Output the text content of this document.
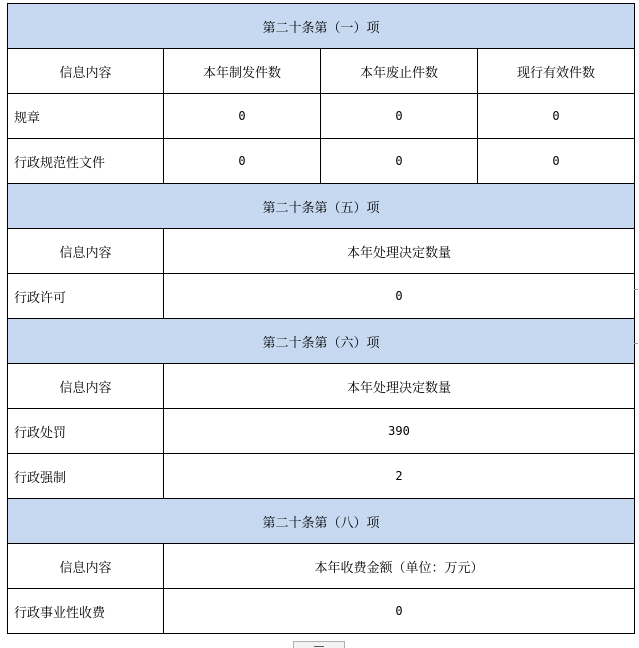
第二十条第（一）项			
信息内容	本年制发件数	本年废止件数	现行有效件数
规章	0	0	0
行政规范性文件	0	0	0
第二十条第（五）项			
信息内容	本年处理决定数量		
行政许可	0		
第二十条第（六）项			
信息内容	本年处理决定数量		
行政处罚	390		
行政强制	2		
第二十条第（八）项			
信息内容	本年收费金额（单位：万元）		
行政事业性收费	0		
